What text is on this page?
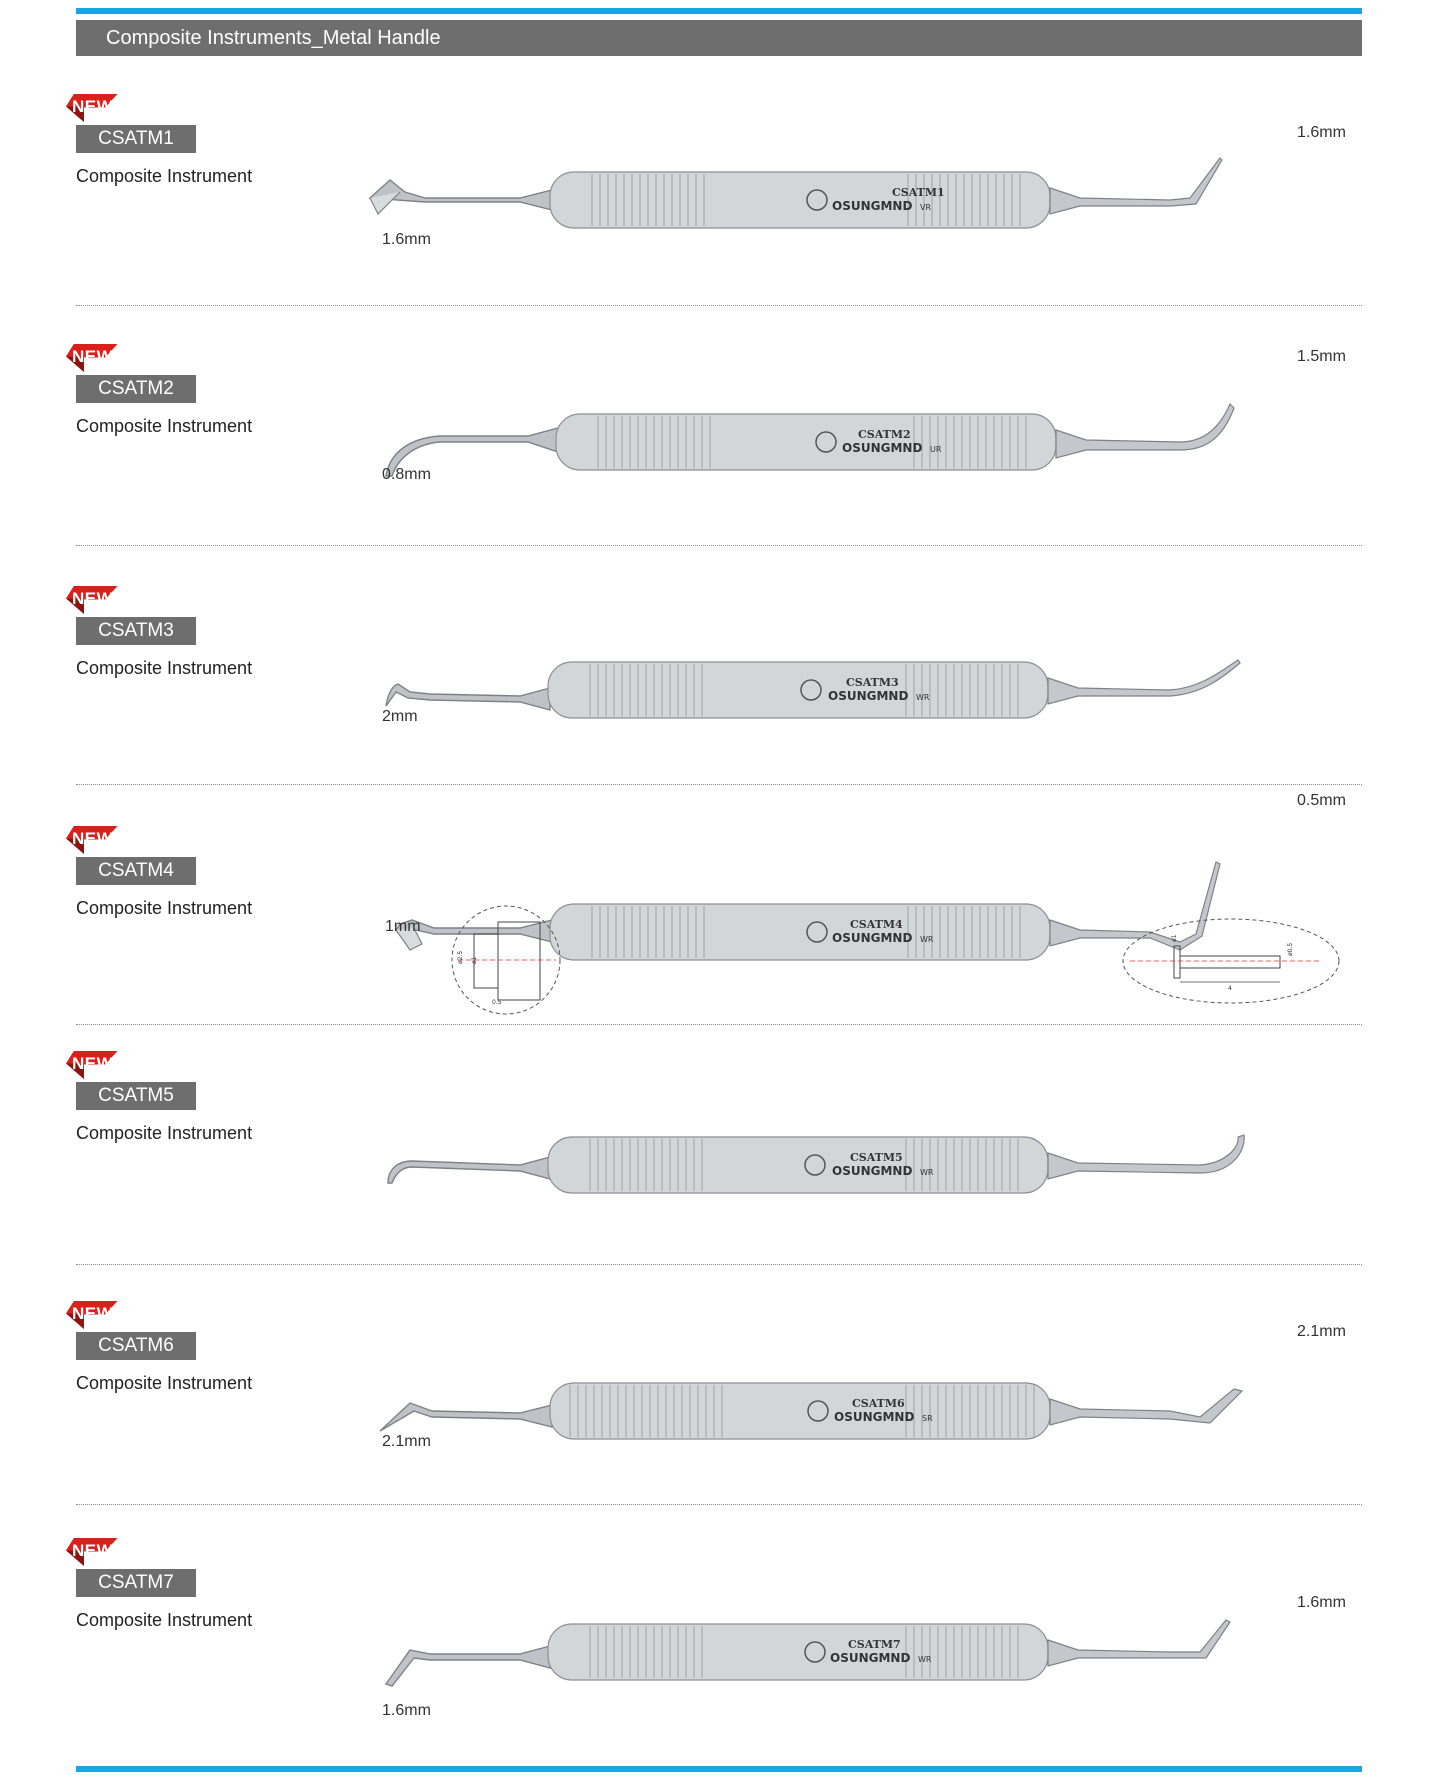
Composite Instruments_Metal Handle
NEW
CSATM1
Composite Instrument
CSATM1
OSUNGMND VR
1.6mm
1.6mm
NEW
CSATM2
Composite Instrument	CSATM2
OSUNGMND UR
0.8mm
1.5mm
NEW
CSATM3
Composite Instrument
CSATM3
OSUNGMND WR
2mm
NEW
CSATM4
Composite Instrument
CSATM4
OSUNGMND WR
1mm
0.5mm
ø2.5 ø1
0.5
ø1
ø0.5
4
NEW
CSATM5
Composite Instrument
CSATM5
OSUNGMND WR
NEW
CSATM6
Composite Instrument
CSATM6
OSUNGMND SR
2.1mm
2.1mm
NEW
CSATM7
Composite Instrument
CSATM7
OSUNGMND WR
1.6mm
1.6mm
